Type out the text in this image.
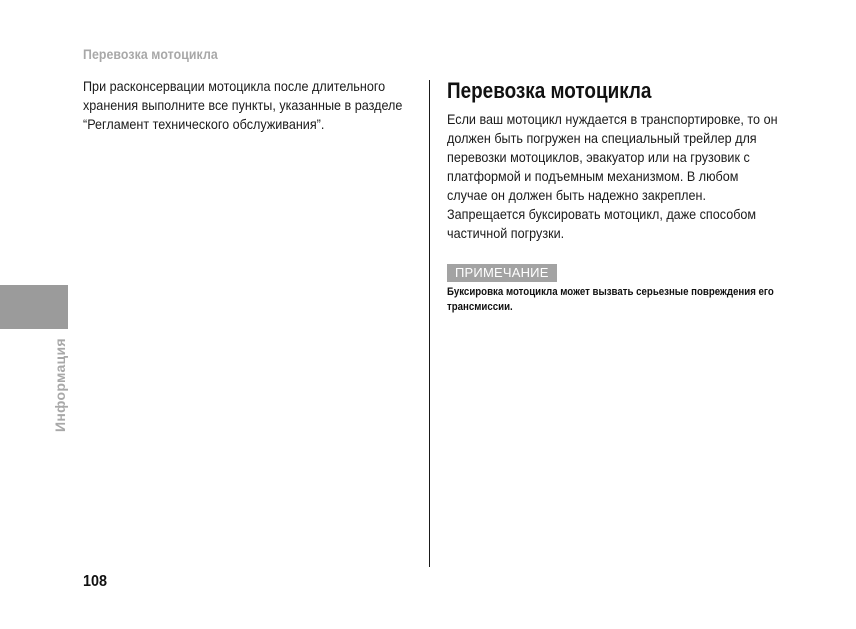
Перевозка мотоцикла
Информация
При расконсервации мотоцикла после длительного хранения выполните все пункты, указанные в разделе “Регламент технического обслуживания”.
Перевозка мотоцикла
Если ваш мотоцикл нуждается в транспортировке, то он должен быть погружен на специальный трейлер для перевозки мотоциклов, эвакуатор или на грузовик с платформой и подъемным механизмом. В любом случае он должен быть надежно закреплен. Запрещается буксировать мотоцикл, даже способом частичной погрузки.
ПРИМЕЧАНИЕ
Буксировка мотоцикла может вызвать серьезные повреждения его трансмиссии.
108
